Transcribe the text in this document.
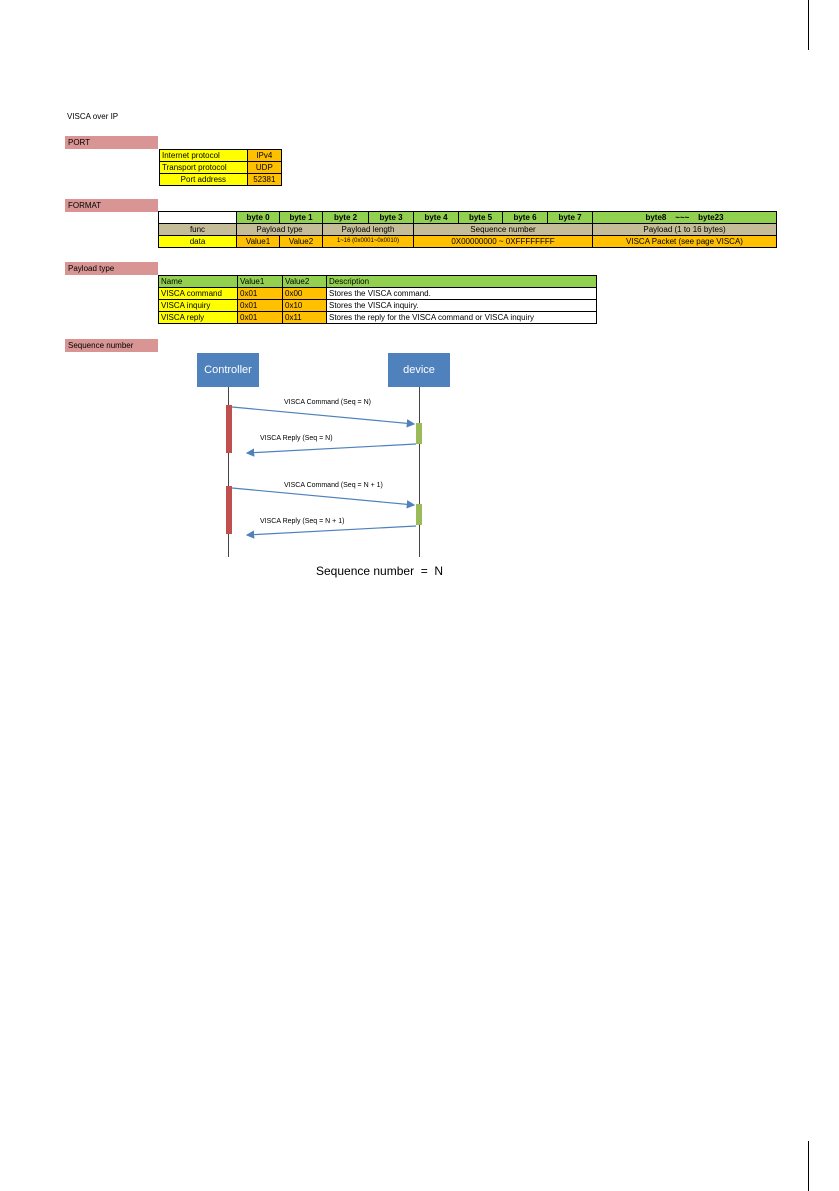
VISCA over IP
PORT
Internet protocol	IPv4
Transport protocol	UDP
Port address	52381
FORMAT
	byte 0	byte 1	byte 2	byte 3	byte 4	byte 5	byte 6	byte 7	byte8 ~~~ byte23
func	Payload type		Payload length		Sequence number				Payload (1 to 16 bytes)
data	Value1	Value2	1~16 (0x0001~0x0010)		0X00000000 ~ 0XFFFFFFFF				VISCA Packet (see page VISCA)
Payload type
Name	Value1	Value2	Description
VISCA command	0x01	0x00	Stores the VISCA command.
VISCA inquiry	0x01	0x10	Stores the VISCA inquiry.
VISCA reply	0x01	0x11	Stores the reply for the VISCA command or VISCA inquiry
Sequence number
Controller	device
VISCA Command (Seq = N)
VISCA Reply (Seq = N)
VISCA Command (Seq = N + 1)
VISCA Reply (Seq = N + 1)
Sequence number  =  N
